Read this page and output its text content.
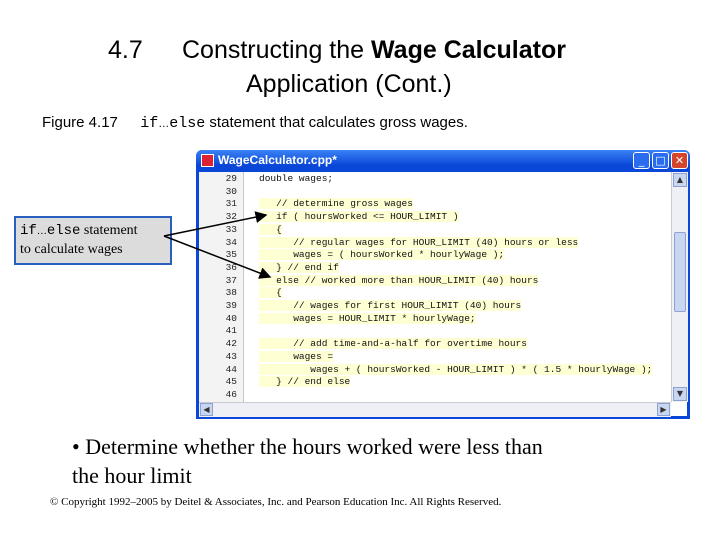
4.7 Constructing the Wage Calculator
Application (Cont.)
Figure 4.17 if…else statement that calculates gross wages.
WageCalculator.cpp*	_	□ ✕
29 double wages;
30
31 // determine gross wages
32 if ( hoursWorked <= HOUR_LIMIT )
33 {
34 // regular wages for HOUR_LIMIT (40) hours or less
35 wages = ( hoursWorked * hourlyWage );
36 } // end if
37 else // worked more than HOUR_LIMIT (40) hours
38 {
39 // wages for first HOUR_LIMIT (40) hours
40 wages = HOUR_LIMIT * hourlyWage;
41
42 // add time-and-a-half for overtime hours
43 wages =
44 wages + ( hoursWorked - HOUR_LIMIT ) * ( 1.5 * hourlyWage );
45 } // end else
46
▲
▼
◀	▶
if…else statement
to calculate wages
• Determine whether the hours worked were less than
the hour limit
© Copyright 1992–2005 by Deitel & Associates, Inc. and Pearson Education Inc. All Rights Reserved.
